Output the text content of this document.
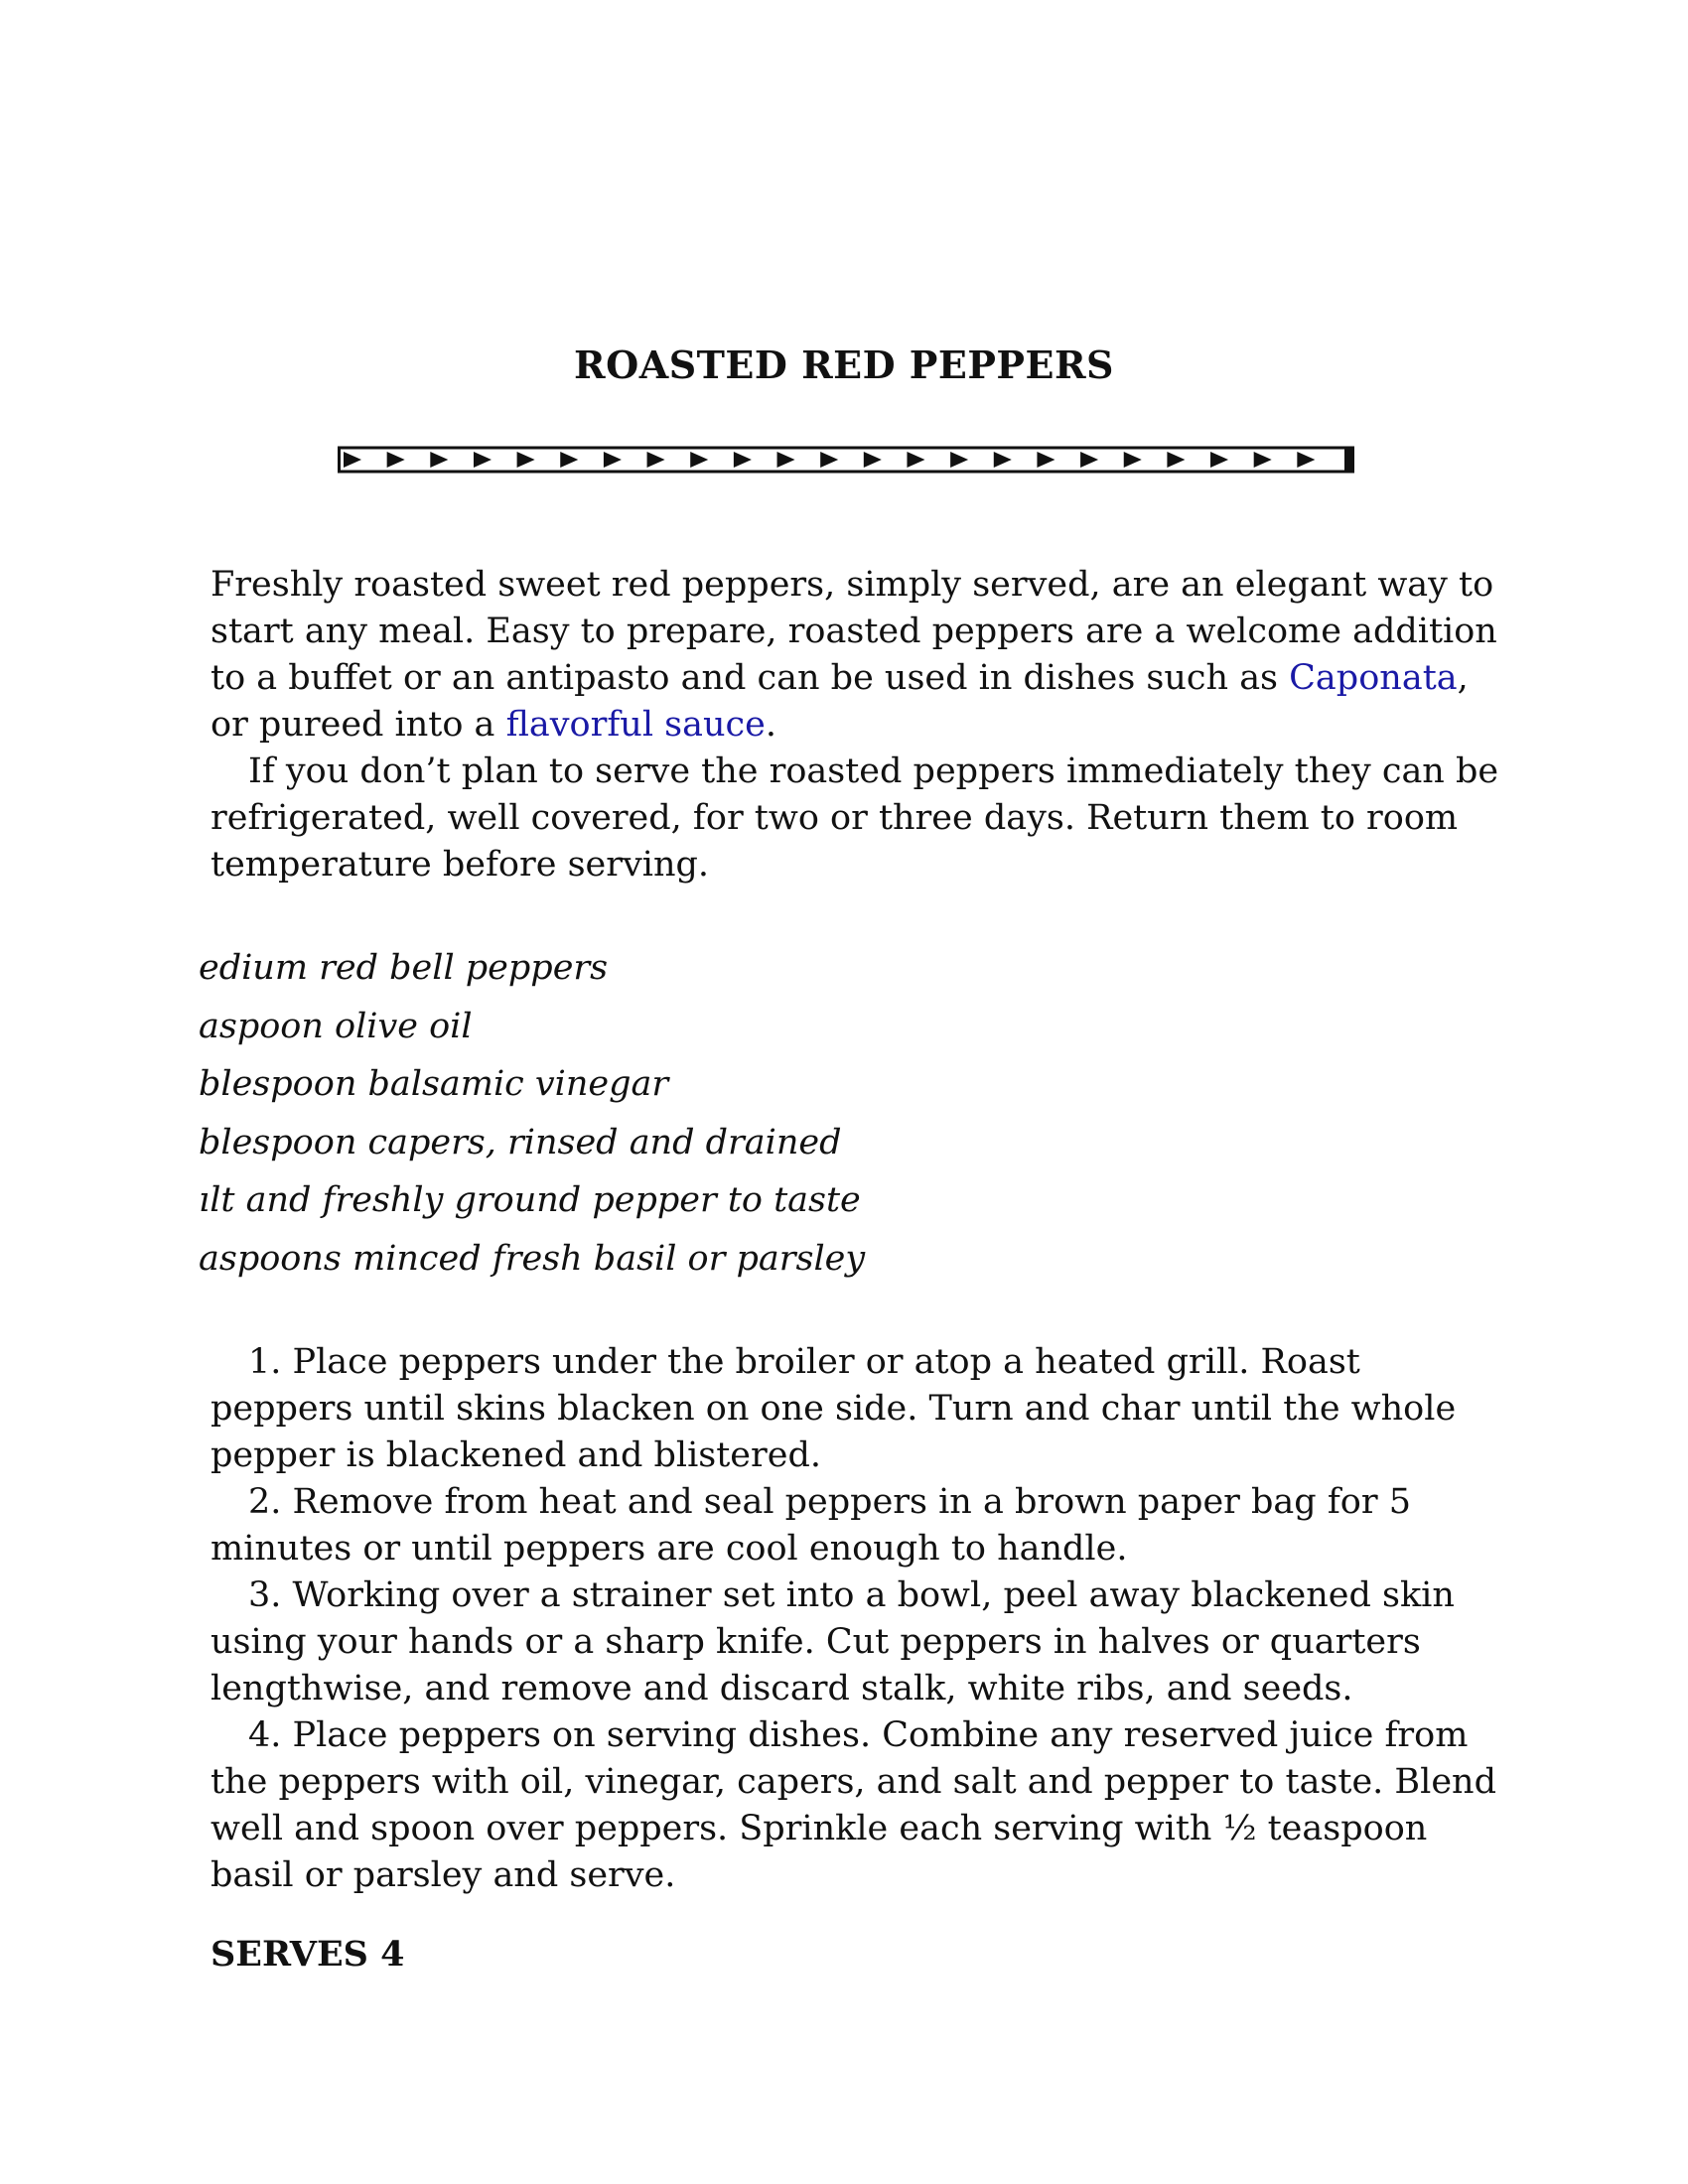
ROASTED RED PEPPERS

Freshly roasted sweet red peppers, simply served, are an elegant way to start any meal. Easy to prepare, roasted peppers are a welcome addition to a buffet or an antipasto and can be used in dishes such as Caponata, or pureed into a flavorful sauce.

If you don’t plan to serve the roasted peppers immediately they can be refrigerated, well covered, for two or three days. Return them to room temperature before serving.

edium red bell peppers
aspoon olive oil
blespoon balsamic vinegar
blespoon capers, rinsed and drained
ılt and freshly ground pepper to taste
aspoons minced fresh basil or parsley

1. Place peppers under the broiler or atop a heated grill. Roast peppers until skins blacken on one side. Turn and char until the whole pepper is blackened and blistered.

2. Remove from heat and seal peppers in a brown paper bag for 5 minutes or until peppers are cool enough to handle.

3. Working over a strainer set into a bowl, peel away blackened skin using your hands or a sharp knife. Cut peppers in halves or quarters lengthwise, and remove and discard stalk, white ribs, and seeds.

4. Place peppers on serving dishes. Combine any reserved juice from the peppers with oil, vinegar, capers, and salt and pepper to taste. Blend well and spoon over peppers. Sprinkle each serving with ½ teaspoon basil or parsley and serve.

SERVES 4
